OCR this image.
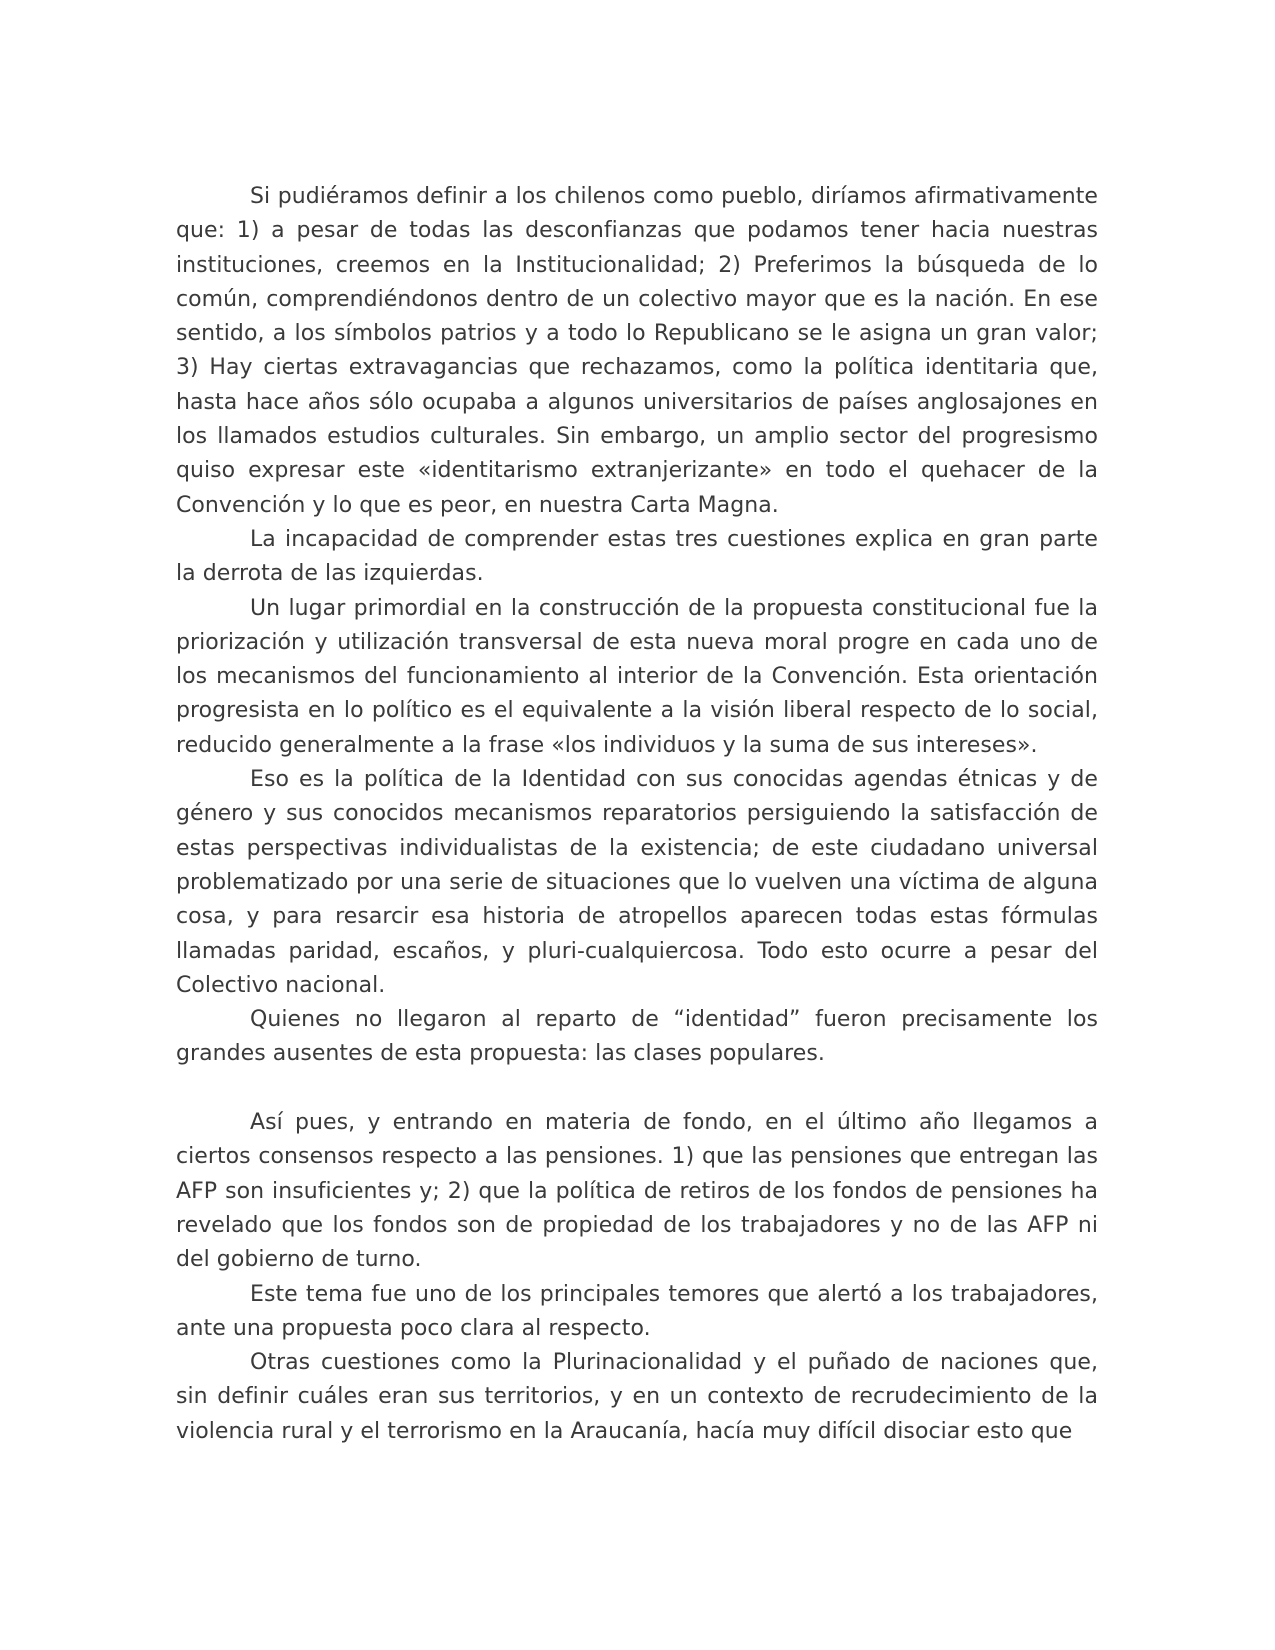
Si pudiéramos definir a los chilenos como pueblo, diríamos afirmativamente que: 1) a pesar de todas las desconfianzas que podamos tener hacia nuestras instituciones, creemos en la Institucionalidad; 2) Preferimos la búsqueda de lo común, comprendiéndonos dentro de un colectivo mayor que es la nación. En ese sentido, a los símbolos patrios y a todo lo Republicano se le asigna un gran valor; 3) Hay ciertas extravagancias que rechazamos, como la política identitaria que, hasta hace años sólo ocupaba a algunos universitarios de países anglosajones en los llamados estudios culturales. Sin embargo, un amplio sector del progresismo quiso expresar este «identitarismo extranjerizante» en todo el quehacer de la Convención y lo que es peor, en nuestra Carta Magna.

La incapacidad de comprender estas tres cuestiones explica en gran parte la derrota de las izquierdas.

Un lugar primordial en la construcción de la propuesta constitucional fue la priorización y utilización transversal de esta nueva moral progre en cada uno de los mecanismos del funcionamiento al interior de la Convención. Esta orientación progresista en lo político es el equivalente a la visión liberal respecto de lo social, reducido generalmente a la frase «los individuos y la suma de sus intereses».

Eso es la política de la Identidad con sus conocidas agendas étnicas y de género y sus conocidos mecanismos reparatorios persiguiendo la satisfacción de estas perspectivas individualistas de la existencia; de este ciudadano universal problematizado por una serie de situaciones que lo vuelven una víctima de alguna cosa, y para resarcir esa historia de atropellos aparecen todas estas fórmulas llamadas paridad, escaños, y pluri-cualquiercosa. Todo esto ocurre a pesar del Colectivo nacional.

Quienes no llegaron al reparto de “identidad” fueron precisamente los grandes ausentes de esta propuesta: las clases populares.

Así pues, y entrando en materia de fondo, en el último año llegamos a ciertos consensos respecto a las pensiones. 1) que las pensiones que entregan las AFP son insuficientes y; 2) que la política de retiros de los fondos de pensiones ha revelado que los fondos son de propiedad de los trabajadores y no de las AFP ni del gobierno de turno.

Este tema fue uno de los principales temores que alertó a los trabajadores, ante una propuesta poco clara al respecto.

Otras cuestiones como la Plurinacionalidad y el puñado de naciones que, sin definir cuáles eran sus territorios, y en un contexto de recrudecimiento de la violencia rural y el terrorismo en la Araucanía, hacía muy difícil disociar esto que
